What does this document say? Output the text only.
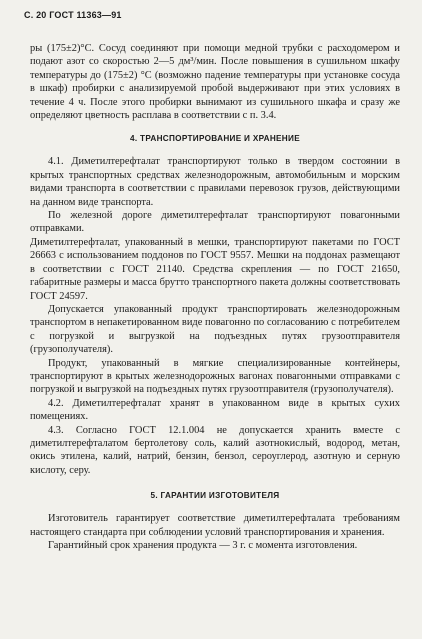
С. 20 ГОСТ 11363—91

ры (175±2)°С. Сосуд соединяют при помощи медной трубки с расходомером и подают азот со скоростью 2—5 дм³/мин. После повышения в сушильном шкафу температуры до (175±2) °С (возможно падение температуры при установке сосуда в шкаф) пробирки с анализируемой пробой выдерживают при этих условиях в течение 4 ч. После этого пробирки вынимают из сушильного шкафа и сразу же определяют цветность расплава в соответствии с п. 3.4.

4. ТРАНСПОРТИРОВАНИЕ И ХРАНЕНИЕ

4.1. Диметилтерефталат транспортируют только в твердом состоянии в крытых транспортных средствах железнодорожным, автомобильным и морским видами транспорта в соответствии с правилами перевозок грузов, действующими на данном виде транспорта.

По железной дороге диметилтерефталат транспортируют повагонными отправками.

Диметилтерефталат, упакованный в мешки, транспортируют пакетами по ГОСТ 26663 с использованием поддонов по ГОСТ 9557. Мешки на поддонах размещают в соответствии с ГОСТ 21140. Средства скрепления — по ГОСТ 21650, габаритные размеры и масса брутто транспортного пакета должны соответствовать ГОСТ 24597.

Допускается упакованный продукт транспортировать железнодорожным транспортом в непакетированном виде повагонно по согласованию с потребителем с погрузкой и выгрузкой на подъездных путях грузоотправителя (грузополучателя).

Продукт, упакованный в мягкие специализированные контейнеры, транспортируют в крытых железнодорожных вагонах повагонными отправками с погрузкой и выгрузкой на подъездных путях грузоотправителя (грузополучателя).

4.2. Диметилтерефталат хранят в упакованном виде в крытых сухих помещениях.

4.3. Согласно ГОСТ 12.1.004 не допускается хранить вместе с диметилтерефталатом бертолетову соль, калий азотнокислый, водород, метан, окись этилена, калий, натрий, бензин, бензол, сероуглерод, азотную и серную кислоту, серу.

5. ГАРАНТИИ ИЗГОТОВИТЕЛЯ

Изготовитель гарантирует соответствие диметилтерефталата требованиям настоящего стандарта при соблюдении условий транспортирования и хранения.

Гарантийный срок хранения продукта — 3 г. с момента изготовления.
